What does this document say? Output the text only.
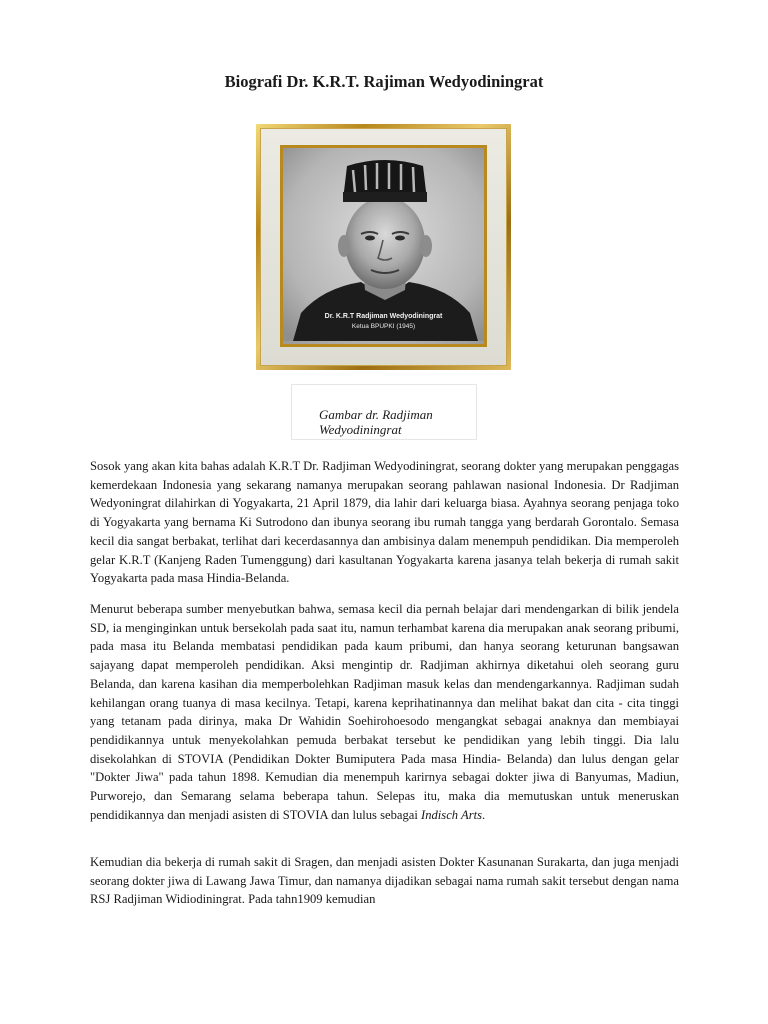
Biografi Dr. K.R.T. Rajiman Wedyodiningrat
Dr. K.R.T Radjiman Wedyodiningrat
Ketua BPUPKI (1945)
Gambar dr. Radjiman
Wedyodiningrat

Sosok yang akan kita bahas adalah K.R.T Dr. Radjiman Wedyodiningrat, seorang dokter yang merupakan penggagas kemerdekaan Indonesia yang sekarang namanya merupakan seorang pahlawan nasional Indonesia. Dr Radjiman Wedyoningrat dilahirkan di Yogyakarta, 21 April 1879, dia lahir dari keluarga biasa. Ayahnya seorang penjaga toko di Yogyakarta yang bernama Ki Sutrodono dan ibunya seorang ibu rumah tangga yang berdarah Gorontalo. Semasa kecil dia sangat berbakat, terlihat dari kecerdasannya dan ambisinya dalam menempuh pendidikan. Dia memperoleh gelar K.R.T (Kanjeng Raden Tumenggung) dari kasultanan Yogyakarta karena jasanya telah bekerja di rumah sakit Yogyakarta pada masa Hindia-Belanda.

Menurut beberapa sumber menyebutkan bahwa, semasa kecil dia pernah belajar dari mendengarkan di bilik jendela SD, ia menginginkan untuk bersekolah pada saat itu, namun terhambat karena dia merupakan anak seorang pribumi, pada masa itu Belanda membatasi pendidikan pada kaum pribumi, dan hanya seorang keturunan bangsawan sajayang dapat memperoleh pendidikan. Aksi mengintip dr. Radjiman akhirnya diketahui oleh seorang guru Belanda, dan karena kasihan dia memperbolehkan Radjiman masuk kelas dan mendengarkannya. Radjiman sudah kehilangan orang tuanya di masa kecilnya. Tetapi, karena keprihatinannya dan melihat bakat dan cita - cita tinggi yang tetanam pada dirinya, maka Dr Wahidin Soehirohoesodo mengangkat sebagai anaknya dan membiayai pendidikannya untuk menyekolahkan pemuda berbakat tersebut ke pendidikan yang lebih tinggi. Dia lalu disekolahkan di STOVIA (Pendidikan Dokter Bumiputera Pada masa Hindia- Belanda) dan lulus dengan gelar "Dokter Jiwa" pada tahun 1898. Kemudian dia menempuh karirnya sebagai dokter jiwa di Banyumas, Madiun, Purworejo, dan Semarang selama beberapa tahun. Selepas itu, maka dia memutuskan untuk meneruskan pendidikannya dan menjadi asisten di STOVIA dan lulus sebagai Indisch Arts.

Kemudian dia bekerja di rumah sakit di Sragen, dan menjadi asisten Dokter Kasunanan Surakarta, dan juga menjadi seorang dokter jiwa di Lawang Jawa Timur, dan namanya dijadikan sebagai nama rumah sakit tersebut dengan nama RSJ Radjiman Widiodiningrat. Pada tahn1909 kemudian
